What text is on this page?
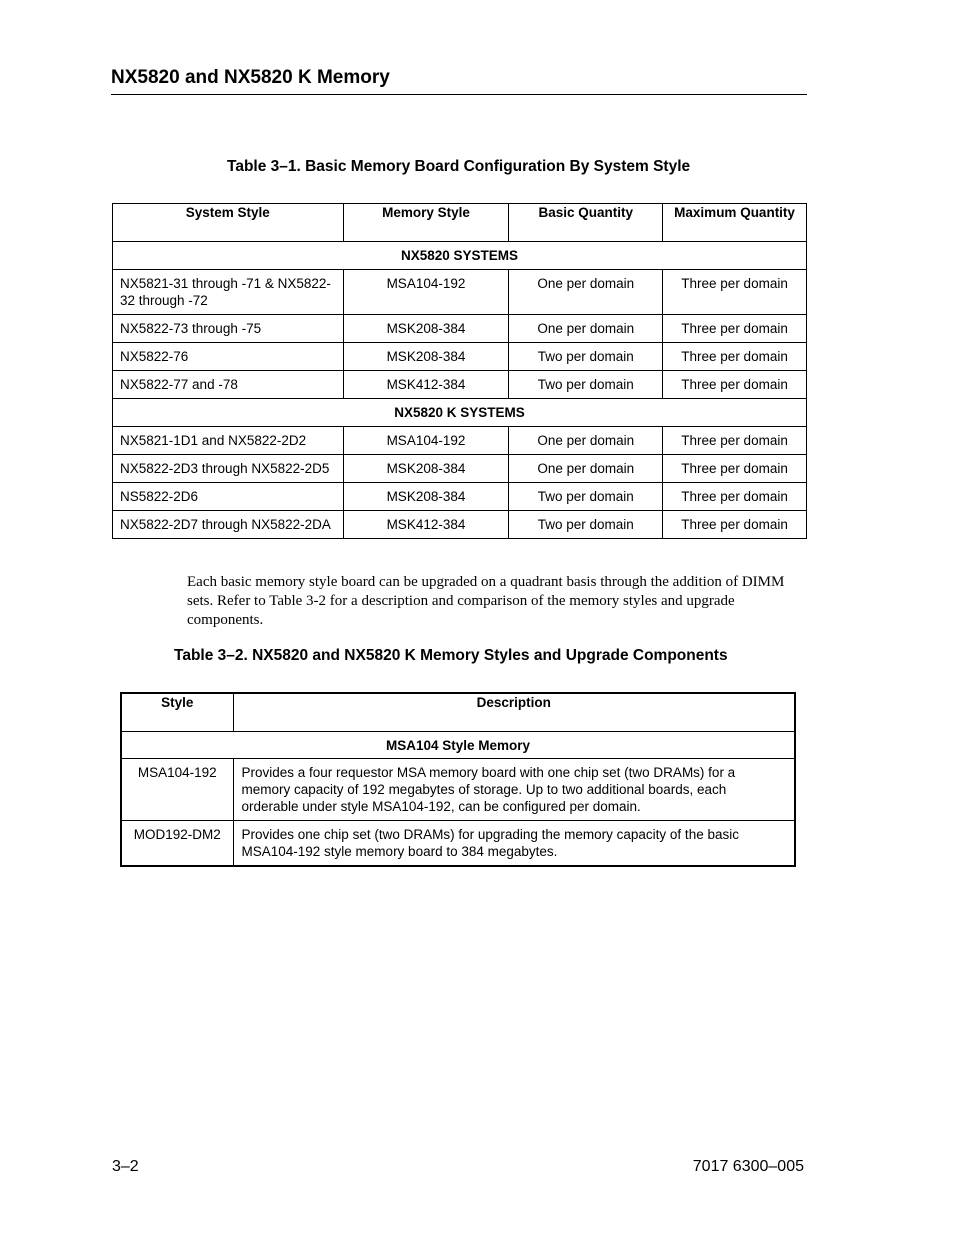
NX5820 and NX5820 K Memory

Table 3–1. Basic Memory Board Configuration By System Style

System Style	Memory Style	Basic Quantity	Maximum Quantity
NX5820 SYSTEMS			
NX5821-31 through -71 & NX5822-32 through -72	MSA104-192	One per domain	Three per domain
NX5822-73 through -75	MSK208-384	One per domain	Three per domain
NX5822-76	MSK208-384	Two per domain	Three per domain
NX5822-77 and -78	MSK412-384	Two per domain	Three per domain
NX5820 K SYSTEMS			
NX5821-1D1 and NX5822-2D2	MSA104-192	One per domain	Three per domain
NX5822-2D3 through NX5822-2D5	MSK208-384	One per domain	Three per domain
NS5822-2D6	MSK208-384	Two per domain	Three per domain
NX5822-2D7 through NX5822-2DA	MSK412-384	Two per domain	Three per domain

Each basic memory style board can be upgraded on a quadrant basis through the addition of DIMM sets. Refer to Table 3-2 for a description and comparison of the memory styles and upgrade components.

Table 3–2. NX5820 and NX5820 K Memory Styles and Upgrade Components

Style	Description
MSA104 Style Memory	
MSA104-192	Provides a four requestor MSA memory board with one chip set (two DRAMs) for a memory capacity of 192 megabytes of storage. Up to two additional boards, each orderable under style MSA104-192, can be configured per domain.
MOD192-DM2	Provides one chip set (two DRAMs) for upgrading the memory capacity of the basic MSA104-192 style memory board to 384 megabytes.

3–2	7017 6300–005
